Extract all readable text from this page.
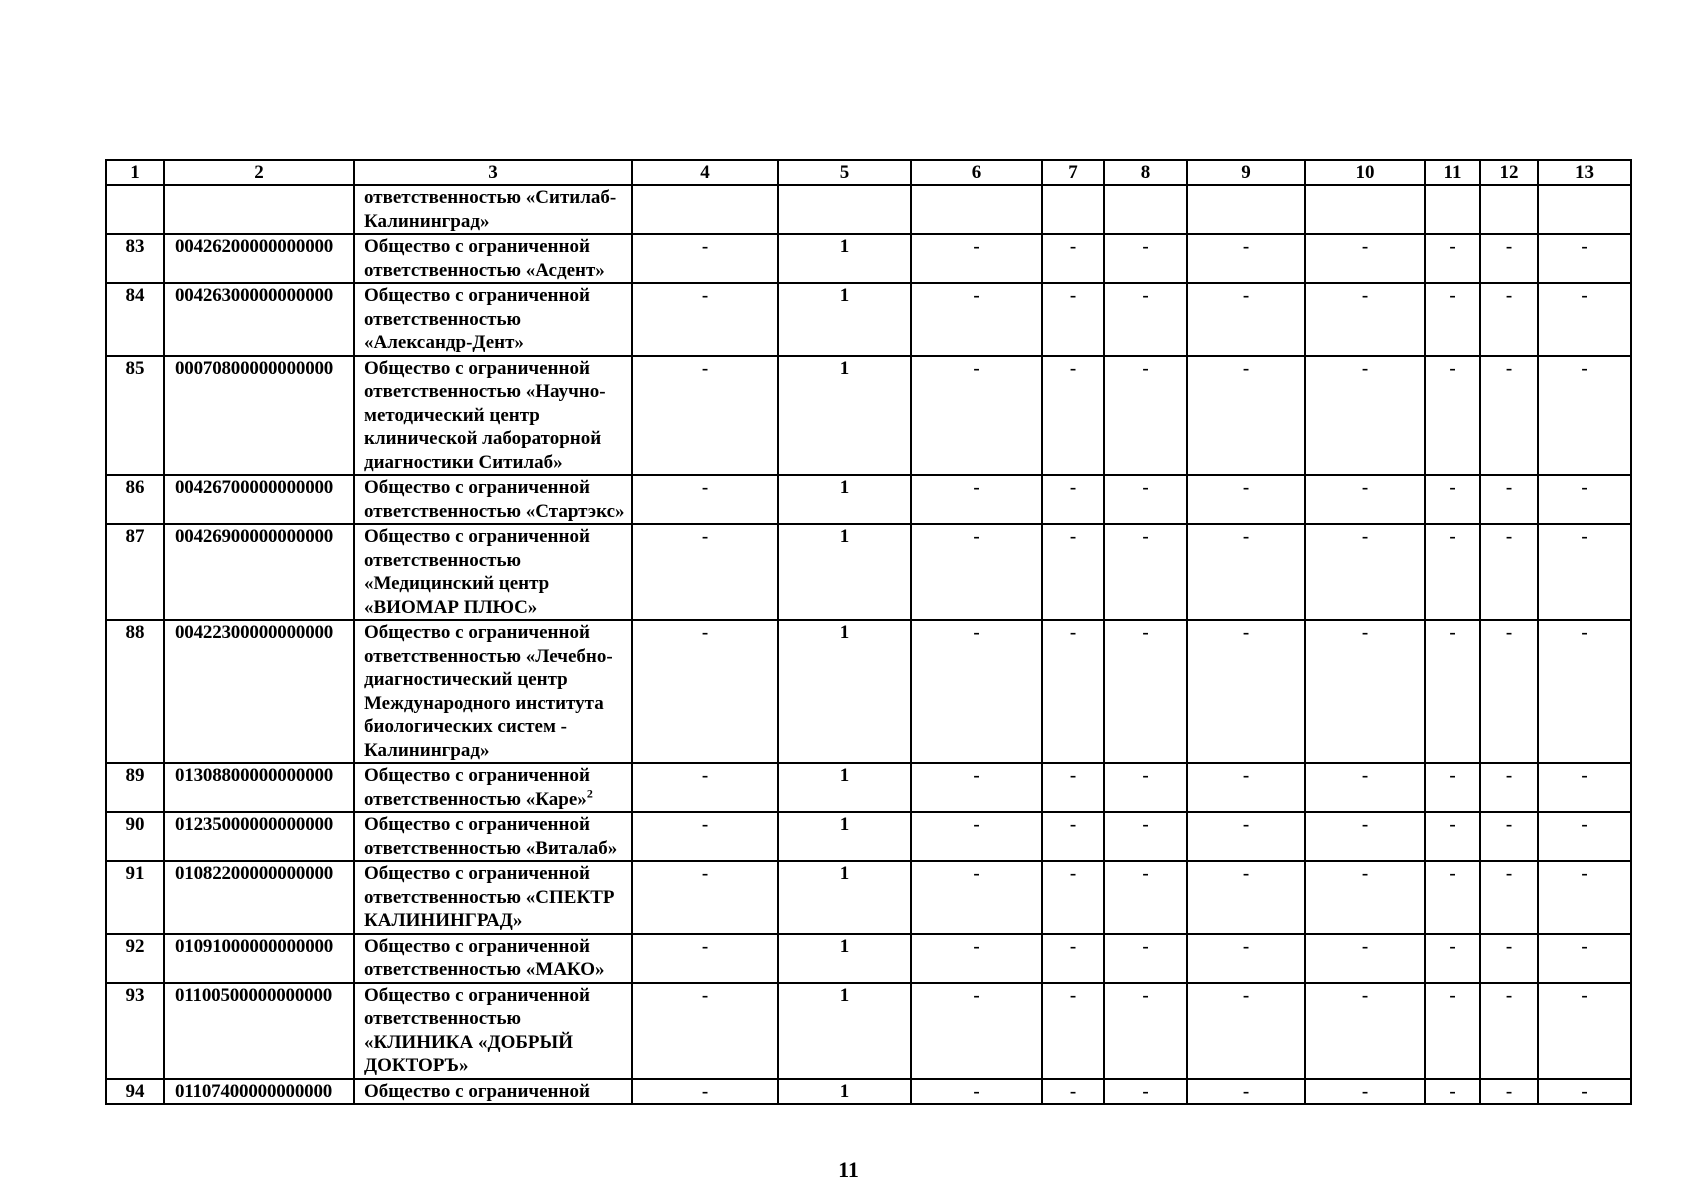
1	2	3	4	5	6	7	8	9	10	11	12	13
		ответственностью «Ситилаб-Калининград»										
83	00426200000000000	Общество с ограниченной ответственностью «Асдент»	-	1	-	-	-	-	-	-	-	-
84	00426300000000000	Общество с ограниченной ответственностью «Александр-Дент»	-	1	-	-	-	-	-	-	-	-
85	00070800000000000	Общество с ограниченной ответственностью «Научно-методический центр клинической лабораторной диагностики Ситилаб»	-	1	-	-	-	-	-	-	-	-
86	00426700000000000	Общество с ограниченной ответственностью «Стартэкс»	-	1	-	-	-	-	-	-	-	-
87	00426900000000000	Общество с ограниченной ответственностью «Медицинский центр «ВИОМАР ПЛЮС»	-	1	-	-	-	-	-	-	-	-
88	00422300000000000	Общество с ограниченной ответственностью «Лечебно-диагностический центр Международного института биологических систем - Калининград»	-	1	-	-	-	-	-	-	-	-
89	01308800000000000	Общество с ограниченной ответственностью «Каре»$^2$	-	1	-	-	-	-	-	-	-	-
90	01235000000000000	Общество с ограниченной ответственностью «Виталаб»	-	1	-	-	-	-	-	-	-	-
91	01082200000000000	Общество с ограниченной ответственностью «СПЕКТР КАЛИНИНГРАД»	-	1	-	-	-	-	-	-	-	-
92	01091000000000000	Общество с ограниченной ответственностью «МАКО»	-	1	-	-	-	-	-	-	-	-
93	01100500000000000	Общество с ограниченной ответственностью «КЛИНИКА «ДОБРЫЙ ДОКТОРЪ»	-	1	-	-	-	-	-	-	-	-
94	01107400000000000	Общество с ограниченной	-	1	-	-	-	-	-	-	-	-
11
